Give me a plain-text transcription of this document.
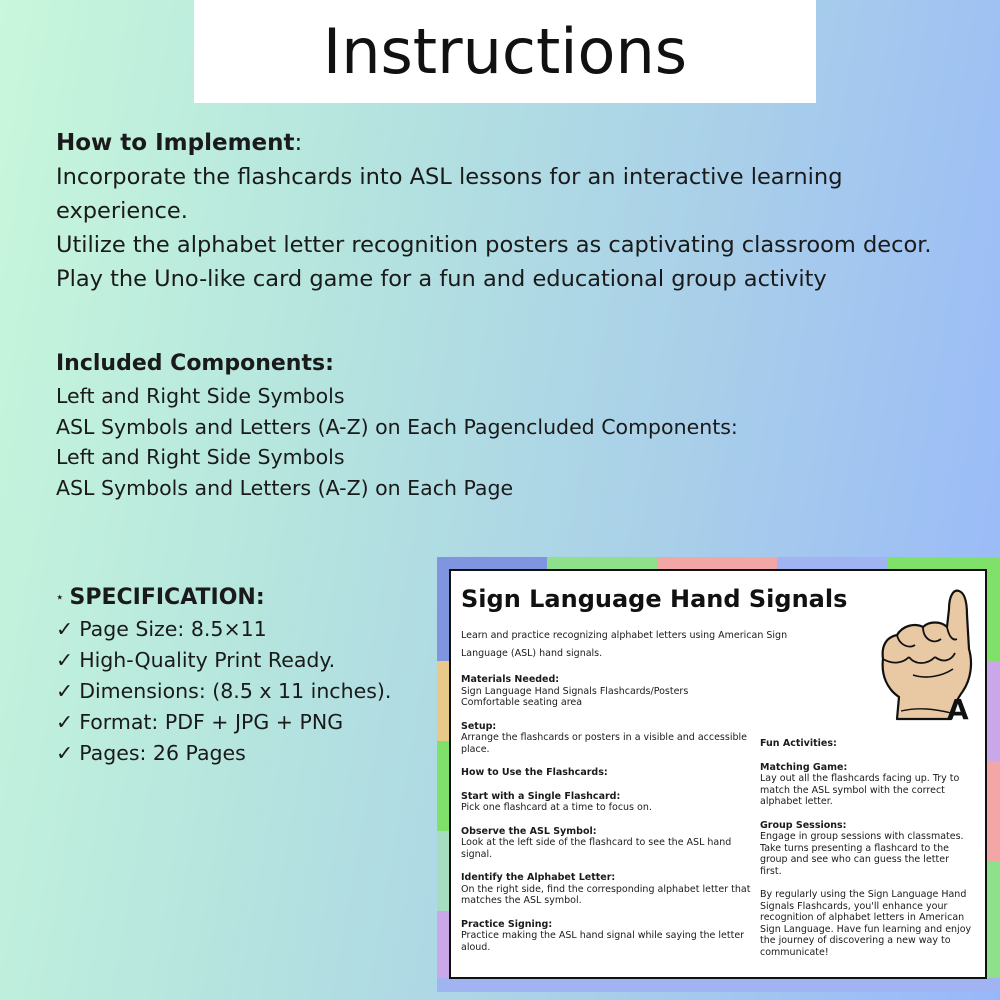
Instructions
How to Implement:

Incorporate the flashcards into ASL lessons for an interactive learning experience.

Utilize the alphabet letter recognition posters as captivating classroom decor.

Play the Uno-like card game for a fun and educational group activity

Included Components:

Left and Right Side Symbols

ASL Symbols and Letters (A-Z) on Each Pagencluded Components:

Left and Right Side Symbols

ASL Symbols and Letters (A-Z) on Each Page

⋆ SPECIFICATION:

✓ Page Size: 8.5×11

✓ High-Quality Print Ready.

✓ Dimensions: (8.5 x 11 inches).

✓ Format: PDF + JPG + PNG

✓ Pages: 26 Pages

Sign Language Hand Signals
A
Learn and practice recognizing alphabet letters using American Sign Language (ASL) hand signals.
Materials Needed:
Sign Language Hand Signals Flashcards/Posters
Comfortable seating area
Setup:
Arrange the flashcards or posters in a visible and accessible place.
How to Use the Flashcards:
Start with a Single Flashcard:
Pick one flashcard at a time to focus on.
Observe the ASL Symbol:
Look at the left side of the flashcard to see the ASL hand signal.
Identify the Alphabet Letter:
On the right side, find the corresponding alphabet letter that matches the ASL symbol.
Practice Signing:
Practice making the ASL hand signal while saying the letter aloud.
Fun Activities:
Matching Game:
Lay out all the flashcards facing up. Try to match the ASL symbol with the correct alphabet letter.
Group Sessions:
Engage in group sessions with classmates. Take turns presenting a flashcard to the group and see who can guess the letter first.
By regularly using the Sign Language Hand Signals Flashcards, you'll enhance your recognition of alphabet letters in American Sign Language. Have fun learning and enjoy the journey of discovering a new way to communicate!
